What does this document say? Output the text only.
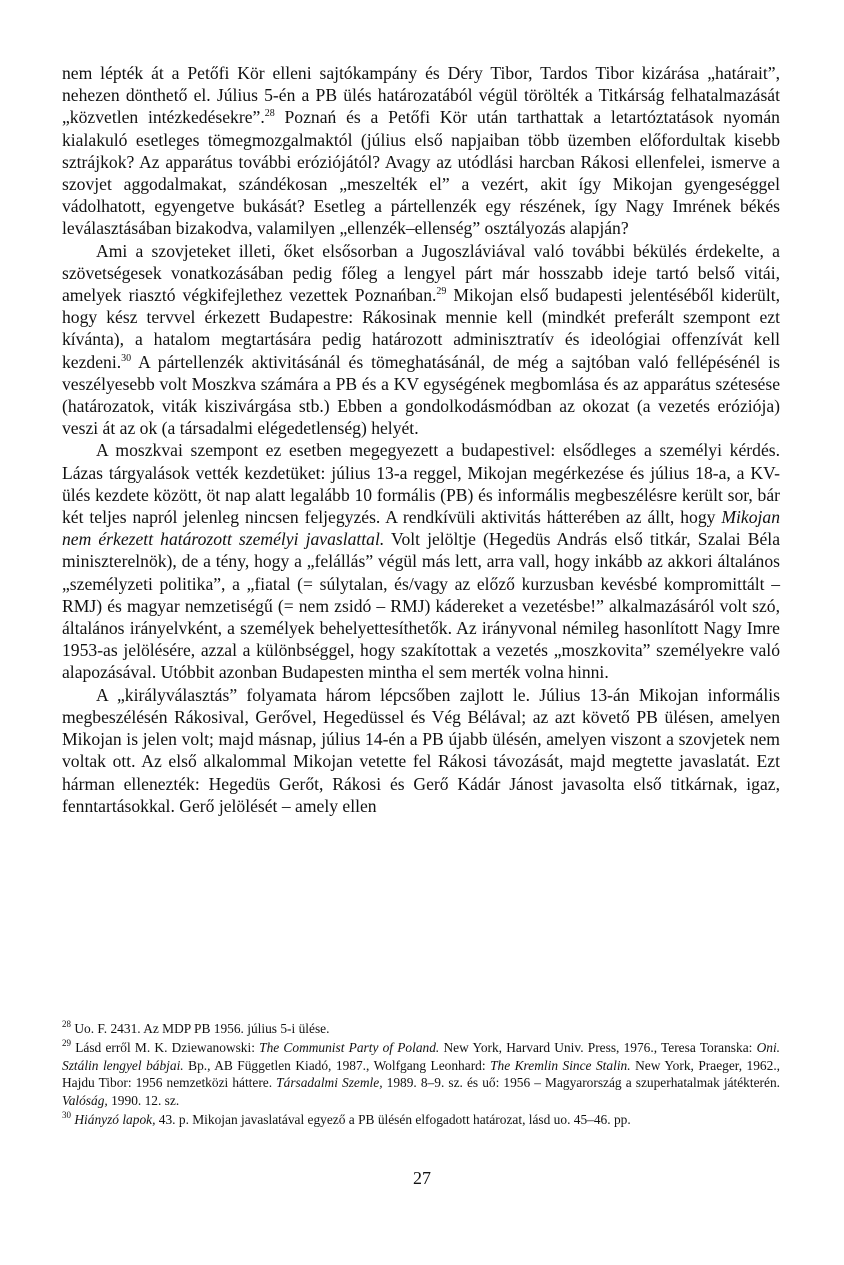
nem lépték át a Petőfi Kör elleni sajtókampány és Déry Tibor, Tardos Tibor kizárása „határait”, nehezen dönthető el. Július 5-én a PB ülés határozatából végül törölték a Titkárság felhatalmazását „közvetlen intézkedésekre”.$^{28}$ Poznań és a Petőfi Kör után tarthattak a letartóztatások nyomán kialakuló esetleges tömegmozgalmaktól (július első napjaiban több üzemben előfordultak kisebb sztrájkok? Az apparátus további eróziójától? Avagy az utódlási harcban Rákosi ellenfelei, ismerve a szovjet aggodalmakat, szándékosan „meszelték el” a vezért, akit így Mikojan gyengeséggel vádolhatott, egyengetve bukását? Esetleg a pártellenzék egy részének, így Nagy Imrének békés leválasztásában bizakodva, valamilyen „ellenzék–ellenség” osztályozás alapján?

Ami a szovjeteket illeti, őket elsősorban a Jugoszláviával való további békülés érdekelte, a szövetségesek vonatkozásában pedig főleg a lengyel párt már hosszabb ideje tartó belső vitái, amelyek riasztó végkifejlethez vezettek Poznańban.$^{29}$ Mikojan első budapesti jelentéséből kiderült, hogy kész tervvel érkezett Budapestre: Rákosinak mennie kell (mindkét preferált szempont ezt kívánta), a hatalom megtartására pedig határozott adminisztratív és ideológiai offenzívát kell kezdeni.$^{30}$ A pártellenzék aktivitásánál és tömeghatásánál, de még a sajtóban való fellépésénél is veszélyesebb volt Moszkva számára a PB és a KV egységének megbomlása és az apparátus szétesése (határozatok, viták kiszivárgása stb.) Ebben a gondolkodásmódban az okozat (a vezetés eróziója) veszi át az ok (a társadalmi elégedetlenség) helyét.

A moszkvai szempont ez esetben megegyezett a budapestivel: elsődleges a személyi kérdés. Lázas tárgyalások vették kezdetüket: július 13-a reggel, Mikojan megérkezése és július 18-a, a KV-ülés kezdete között, öt nap alatt legalább 10 formális (PB) és informális megbeszélésre került sor, bár két teljes napról jelenleg nincsen feljegyzés. A rendkívüli aktivitás hátterében az állt, hogy Mikojan nem érkezett határozott személyi javaslattal. Volt jelöltje (Hegedüs András első titkár, Szalai Béla miniszterelnök), de a tény, hogy a „felállás” végül más lett, arra vall, hogy inkább az akkori általános „személyzeti politika”, a „fiatal (= súlytalan, és/vagy az előző kurzusban kevésbé kompromittált – RMJ) és magyar nemzetiségű (= nem zsidó – RMJ) kádereket a vezetésbe!” alkalmazásáról volt szó, általános irányelvként, a személyek behelyettesíthetők. Az irányvonal némileg hasonlított Nagy Imre 1953-as jelölésére, azzal a különbséggel, hogy szakítottak a vezetés „moszkovita” személyekre való alapozásával. Utóbbit azonban Budapesten mintha el sem merték volna hinni.

A „királyválasztás” folyamata három lépcsőben zajlott le. Július 13-án Mikojan informális megbeszélésén Rákosival, Gerővel, Hegedüssel és Vég Bélával; az azt követő PB ülésen, amelyen Mikojan is jelen volt; majd másnap, július 14-én a PB újabb ülésén, amelyen viszont a szovjetek nem voltak ott. Az első alkalommal Mikojan vetette fel Rákosi távozását, majd megtette javaslatát. Ezt hárman ellenezték: Hegedüs Gerőt, Rákosi és Gerő Kádár Jánost javasolta első titkárnak, igaz, fenntartásokkal. Gerő jelölését – amely ellen

$^{28}$ Uo. F. 2431. Az MDP PB 1956. július 5-i ülése.

$^{29}$ Lásd erről M. K. Dziewanowski: The Communist Party of Poland. New York, Harvard Univ. Press, 1976., Teresa Toranska: Oni. Sztálin lengyel bábjai. Bp., AB Független Kiadó, 1987., Wolfgang Leonhard: The Kremlin Since Stalin. New York, Praeger, 1962., Hajdu Tibor: 1956 nemzetközi háttere. Társadalmi Szemle, 1989. 8–9. sz. és uő: 1956 – Magyarország a szuperhatalmak játékterén. Valóság, 1990. 12. sz.

$^{30}$ Hiányzó lapok, 43. p. Mikojan javaslatával egyező a PB ülésén elfogadott határozat, lásd uo. 45–46. pp.

27
